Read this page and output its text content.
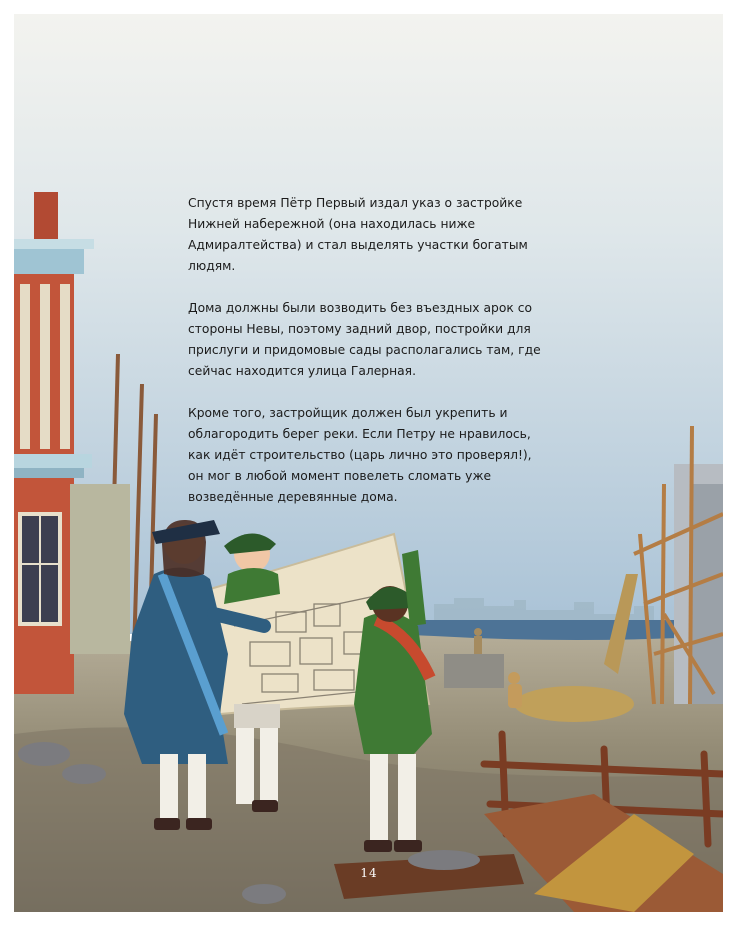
Спустя время Пётр Первый издал указ о застройке Нижней набережной (она находилась ниже Адмиралтейства) и стал выделять участки богатым людям.

Дома должны были возводить без въездных арок со стороны Невы, поэтому задний двор, постройки для прислуги и придомовые сады располагались там, где сейчас находится улица Галерная.

Кроме того, застройщик должен был укрепить и облагородить берег реки. Если Петру не нравилось, как идёт строительство (царь лично это проверял!), он мог в любой момент повелеть сломать уже возведённые деревянные дома.

14
